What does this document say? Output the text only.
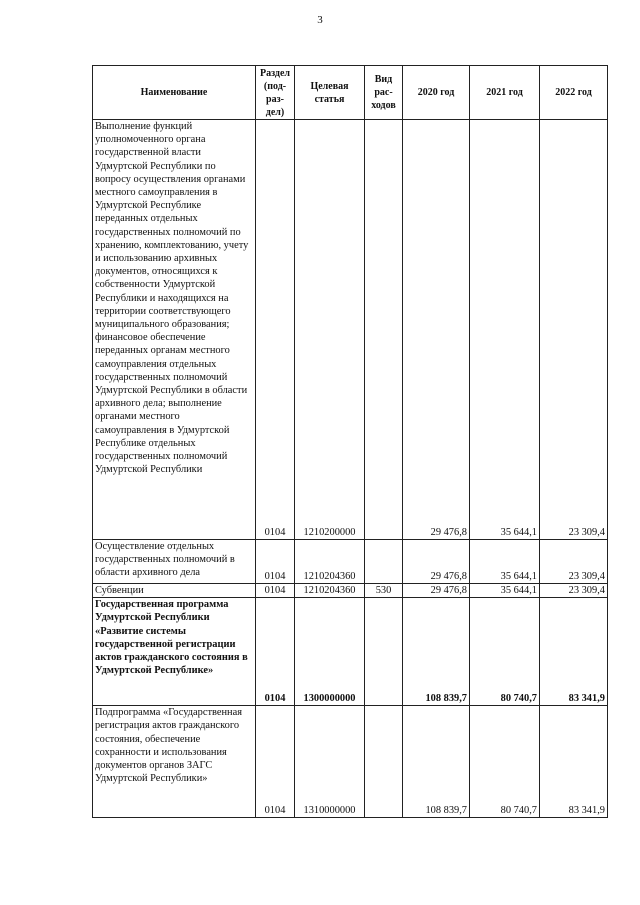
3
Наименование	Раздел (под-раз-дел)	Целевая статья	Вид рас-ходов	2020 год	2021 год	2022 год
Выполнение функций уполномоченного органа государственной власти Удмуртской Республики по вопросу осуществления органами местного самоуправления в Удмуртской Республике переданных отдельных государственных полномочий по хранению, комплектованию, учету и использованию архивных документов, относящихся к собственности Удмуртской Республики и находящихся на территории соответствующего муниципального образования; финансовое обеспечение переданных органам местного самоуправления отдельных государственных полномочий Удмуртской Республики в области архивного дела; выполнение органами местного самоуправления в Удмуртской Республике отдельных государственных полномочий Удмуртской Республики	0104	1210200000		29 476,8	35 644,1	23 309,4
Осуществление отдельных государственных полномочий в области архивного дела	0104	1210204360		29 476,8	35 644,1	23 309,4
Субвенции	0104	1210204360	530	29 476,8	35 644,1	23 309,4
Государственная программа Удмуртской Республики «Развитие системы государственной регистрации актов гражданского состояния в Удмуртской Республике»	0104	1300000000		108 839,7	80 740,7	83 341,9
Подпрограмма «Государственная регистрация актов гражданского состояния, обеспечение сохранности и использования документов органов ЗАГС Удмуртской Республики»	0104	1310000000		108 839,7	80 740,7	83 341,9
